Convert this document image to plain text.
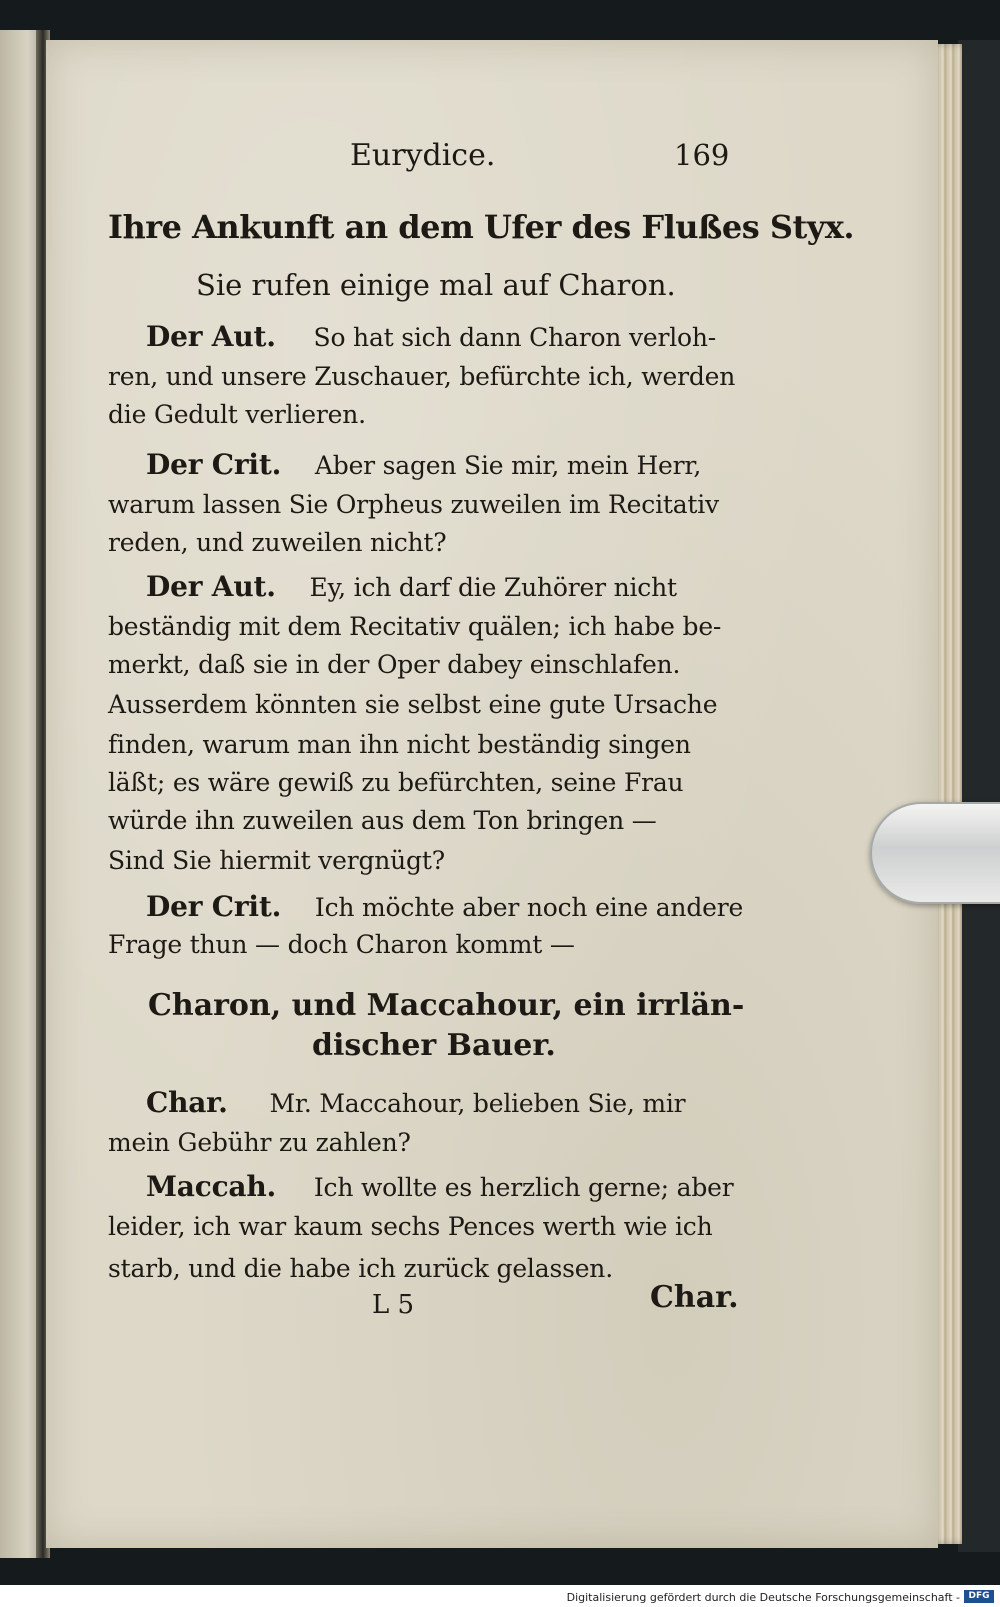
Eurydice.	169
Ihre Ankunft an dem Ufer des Flußes Styx.
Sie rufen einige mal auf Charon.
Der Aut. So hat sich dann Charon verloh-
ren, und unsere Zuschauer, befürchte ich, werden
die Gedult verlieren.
Der Crit. Aber sagen Sie mir, mein Herr,
warum lassen Sie Orpheus zuweilen im Recitativ
reden, und zuweilen nicht?
Der Aut. Ey, ich darf die Zuhörer nicht
beständig mit dem Recitativ quälen; ich habe be-
merkt, daß sie in der Oper dabey einschlafen.
Ausserdem könnten sie selbst eine gute Ursache
finden, warum man ihn nicht beständig singen
läßt; es wäre gewiß zu befürchten, seine Frau
würde ihn zuweilen aus dem Ton bringen —
Sind Sie hiermit vergnügt?
Der Crit. Ich möchte aber noch eine andere
Frage thun — doch Charon kommt —
Charon, und Maccahour, ein irrlän-
discher Bauer.
Char. Mr. Maccahour, belieben Sie, mir
mein Gebühr zu zahlen?
Maccah. Ich wollte es herzlich gerne; aber
leider, ich war kaum sechs Pences werth wie ich
starb, und die habe ich zurück gelassen.
L 5	Char.
Digitalisierung gefördert durch die Deutsche Forschungsgemeinschaft - DFG
